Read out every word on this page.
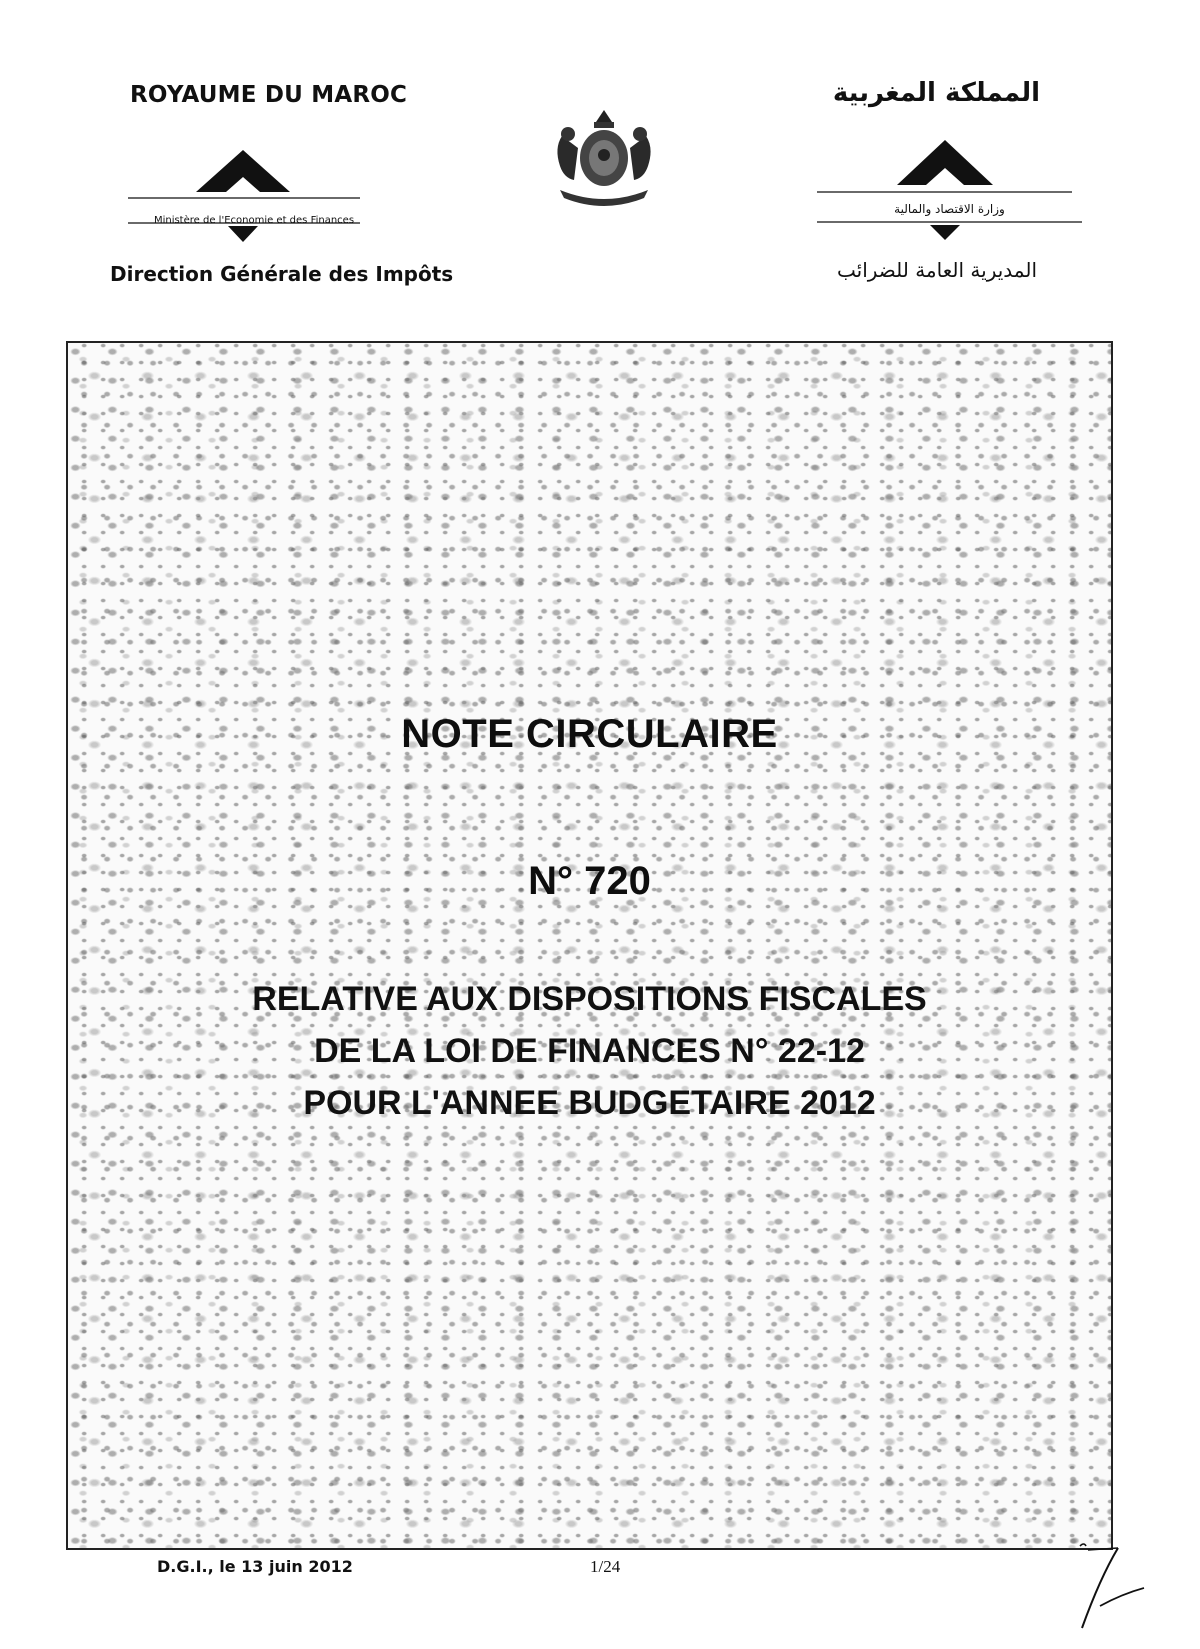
ROYAUME DU MAROC	المملكة المغربية
Ministère de l'Economie et des Finances
وزارة الاقتصاد والمالية
Direction Générale des Impôts	المديرية العامة للضرائب
NOTE CIRCULAIRE
N° 720
RELATIVE AUX DISPOSITIONS FISCALES
DE LA LOI DE FINANCES N° 22-12
POUR L'ANNEE BUDGETAIRE 2012
D.G.I., le 13 juin 2012	1/24
